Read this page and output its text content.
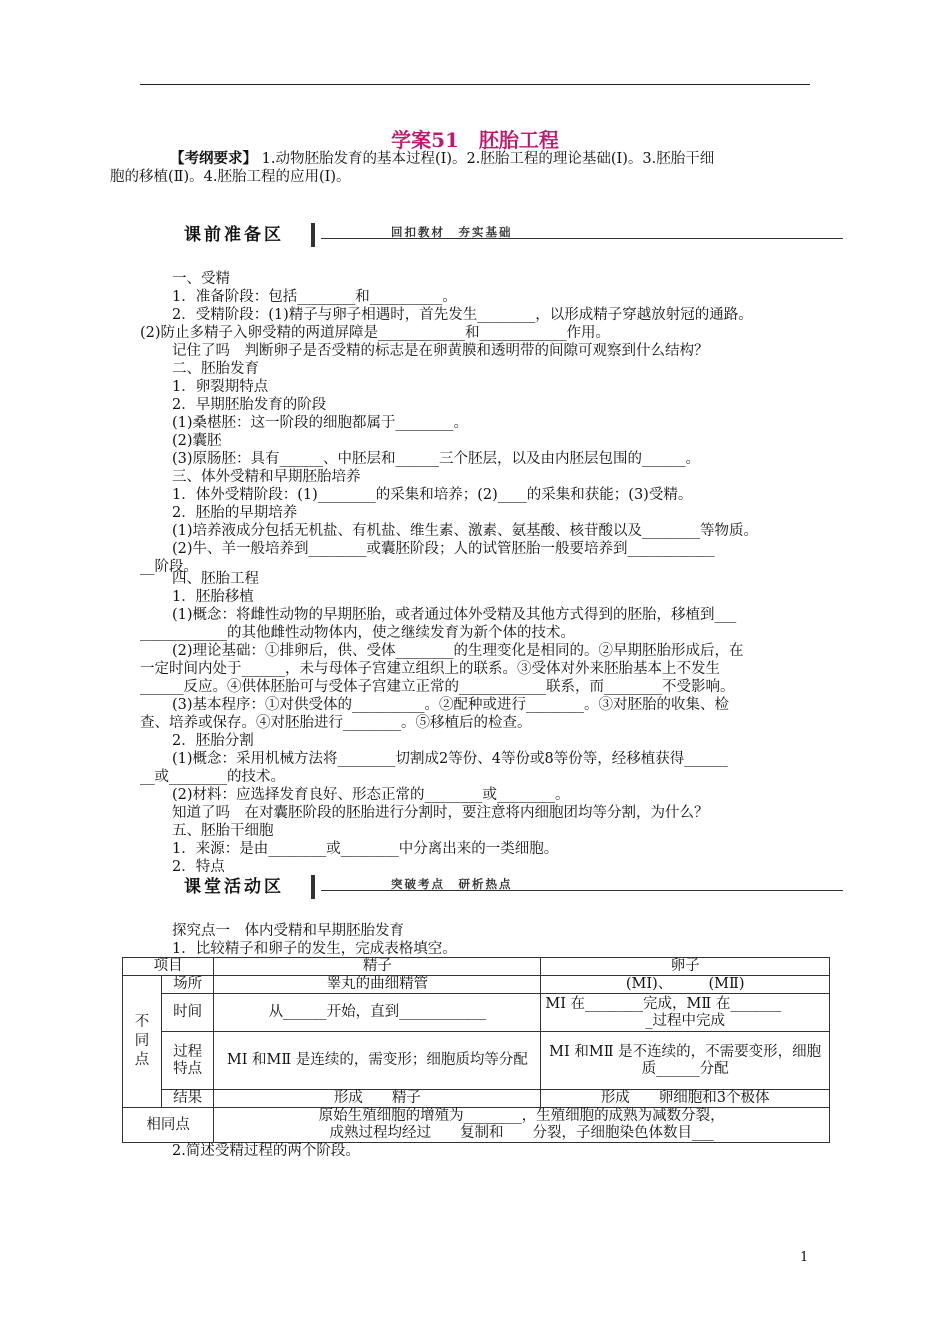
学案51　胚胎工程
【考纲要求】 1.动物胚胎发育的基本过程(Ⅰ)。2.胚胎工程的理论基础(Ⅰ)。3.胚胎干细
胞的移植(Ⅱ)。4.胚胎工程的应用(Ⅰ)。
课前准备区	回扣教材　夯实基础
一、受精
1．准备阶段：包括________和__________。
2．受精阶段：(1)精子与卵子相遇时，首先发生________，以形成精子穿越放射冠的通路。
(2)防止多精子入卵受精的两道屏障是____________和____________作用。
记住了吗　判断卵子是否受精的标志是在卵黄膜和透明带的间隙可观察到什么结构？
二、胚胎发育
1．卵裂期特点
2．早期胚胎发育的阶段
(1)桑椹胚：这一阶段的细胞都属于________。
(2)囊胚
(3)原肠胚：具有______、中胚层和______三个胚层，以及由内胚层包围的______。
三、体外受精和早期胚胎培养
1．体外受精阶段：(1)________的采集和培养；(2)____的采集和获能；(3)受精。
2．胚胎的早期培养
(1)培养液成分包括无机盐、有机盐、维生素、激素、氨基酸、核苷酸以及________等物质。
(2)牛、羊一般培养到________或囊胚阶段；人的试管胚胎一般要培养到____________
__阶段。
四、胚胎工程
1．胚胎移植
(1)概念：将雌性动物的早期胚胎，或者通过体外受精及其他方式得到的胚胎，移植到___
____________的其他雌性动物体内，使之继续发育为新个体的技术。
(2)理论基础：①排卵后，供、受体________的生理变化是相同的。②早期胚胎形成后，在
一定时间内处于______，未与母体子宫建立组织上的联系。③受体对外来胚胎基本上不发生
______反应。④供体胚胎可与受体子宫建立正常的____________联系，而________不受影响。
(3)基本程序：①对供受体的__________。②配种或进行________。③对胚胎的收集、检
查、培养或保存。④对胚胎进行________。⑤移植后的检查。
2．胚胎分割
(1)概念：采用机械方法将________切割成2等份、4等份或8等份等，经移植获得______
__或________的技术。
(2)材料：应选择发育良好、形态正常的________或________。
知道了吗　在对囊胚阶段的胚胎进行分割时，要注意将内细胞团均等分割，为什么？
五、胚胎干细胞
1．来源：是由________或________中分离出来的一类细胞。
2．特点
课堂活动区	突破考点　研析热点
探究点一　体内受精和早期胚胎发育
1．比较精子和卵子的发生，完成表格填空。
项目		精子	卵子
不
同
点	场所	睾丸的曲细精管	(MⅠ)、　　　(MⅡ)
	时间	从______开始，直到____________	MⅠ 在________完成，MⅡ 在_______
_过程中完成

	过程
特点	MⅠ 和MⅡ 是连续的，需变形；细胞质均等分配	MⅠ 和MⅡ 是不连续的，不需要变形，细胞质______分配
	结果	形成　　精子	形成　　卵细胞和3个极体
相同点		原始生殖细胞的增殖为________，生殖细胞的成熟为减数分裂，
成熟过程均经过　　复制和　　分裂，子细胞染色体数目___	
2.简述受精过程的两个阶段。
1
